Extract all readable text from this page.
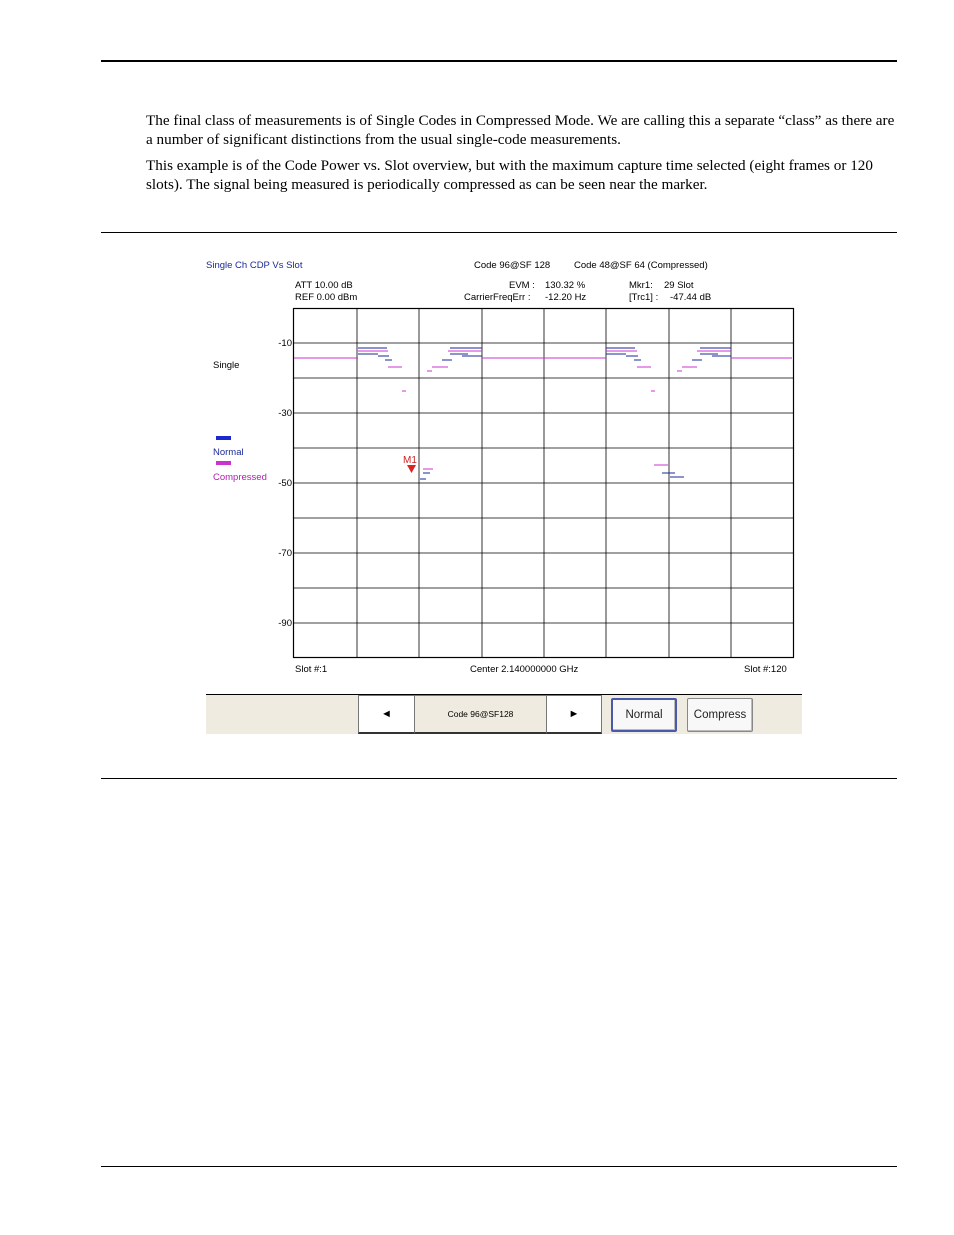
The final class of measurements is of Single Codes in Compressed Mode. We are calling this a separate “class” as there are a number of significant distinctions from the usual single-code measurements.

This example is of the Code Power vs. Slot overview, but with the maximum capture time selected (eight frames or 120 slots). The signal being measured is periodically compressed as can be seen near the marker.

Single Ch CDP Vs Slot	Code 96@SF 128	Code 48@SF 64 (Compressed)
ATT 10.00 dB
REF 0.00 dBm
EVM : 130.32 %
CarrierFreqErr : -12.20 Hz
Mkr1: 29 Slot
[Trc1] : -47.44 dB
Single
Normal
Compressed
-10
-30
-50
-70
-90
M1
Slot #:1	Center 2.140000000 GHz	Slot #:120
◄	Code 96@SF128	►	Normal	Compress
